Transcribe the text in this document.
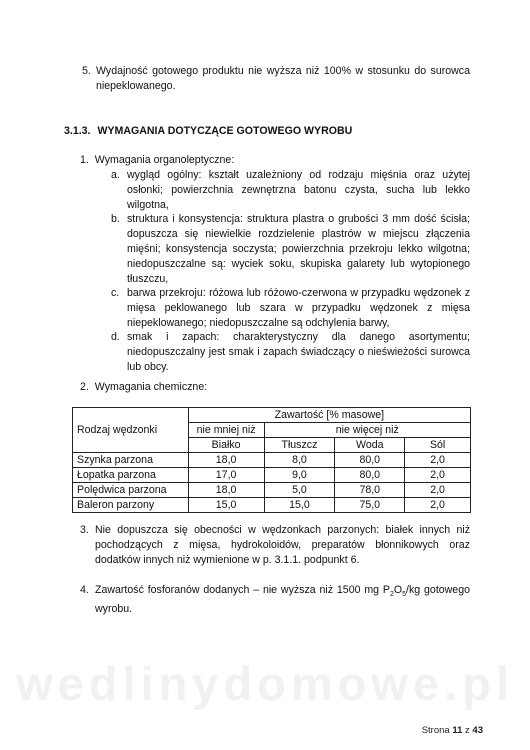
5. Wydajność gotowego produktu nie wyższa niż 100% w stosunku do surowca niepeklowanego.
3.1.3. WYMAGANIA DOTYCZĄCE GOTOWEGO WYROBU
1. Wymagania organoleptyczne:
a. wygląd ogólny: kształt uzależniony od rodzaju mięśnia oraz użytej osłonki; powierzchnia zewnętrzna batonu czysta, sucha lub lekko wilgotna,
b. struktura i konsystencja: struktura plastra o grubości 3 mm dość ścisła; dopuszcza się niewielkie rozdzielenie plastrów w miejscu złączenia mięśni; konsystencja soczysta; powierzchnia przekroju lekko wilgotna; niedopuszczalne są: wyciek soku, skupiska galarety lub wytopionego tłuszczu,
c. barwa przekroju: różowa lub różowo-czerwona w przypadku wędzonek z mięsa peklowanego lub szara w przypadku wędzonek z mięsa niepeklowanego; niedopuszczalne są odchylenia barwy,
d. smak i zapach: charakterystyczny dla danego asortymentu; niedopuszczalny jest smak i zapach świadczący o nieświeżości surowca lub obcy.
2. Wymagania chemiczne:
Rodzaj wędzonki	Zawartość [% masowe]			
	nie mniej niż	nie więcej niż		
	Białko	Tłuszcz	Woda	Sól
Szynka parzona	18,0	8,0	80,0	2,0
Łopatka parzona	17,0	9,0	80,0	2,0
Polędwica parzona	18,0	5,0	78,0	2,0
Baleron parzony	15,0	15,0	75,0	2,0
3. Nie dopuszcza się obecności w wędzonkach parzonych: białek innych niż pochodzących z mięsa, hydrokoloidów, preparatów błonnikowych oraz dodatków innych niż wymienione w p. 3.1.1. podpunkt 6.
4. Zawartość fosforanów dodanych – nie wyższa niż 1500 mg $P_2O_5/kg$ gotowego wyrobu.
wedlinydomowe.pl
Strona 11 z 43
